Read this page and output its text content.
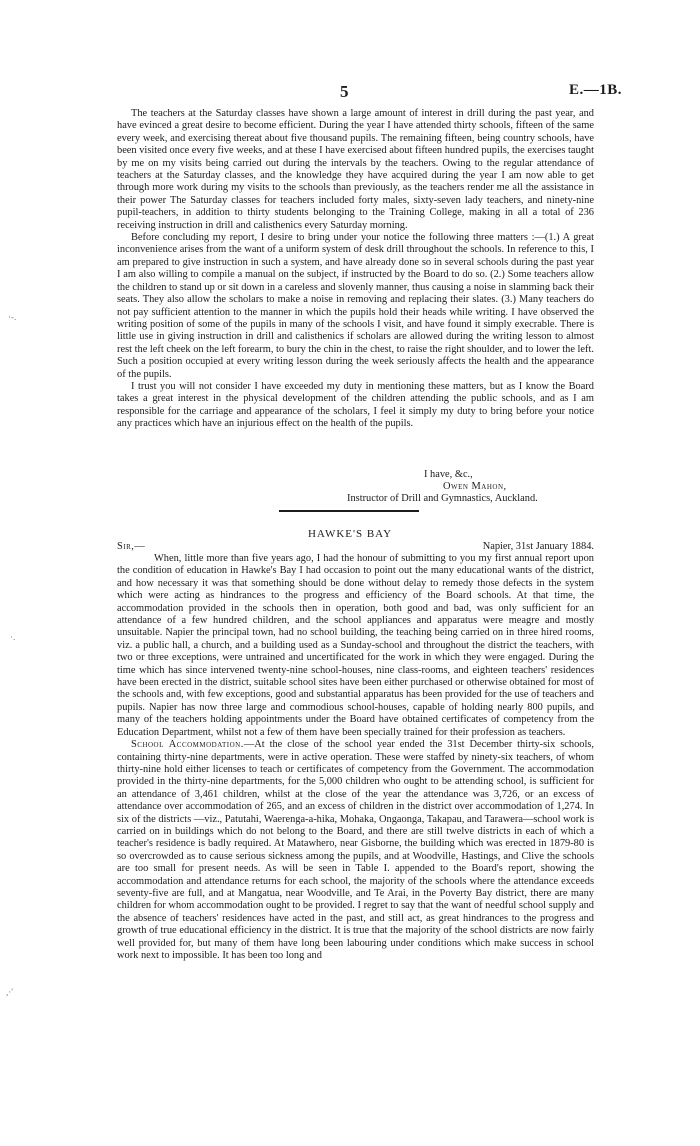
5	E.—1B.

The teachers at the Saturday classes have shown a large amount of interest in drill during the past year, and have evinced a great desire to become efficient. During the year I have attended thirty schools, fifteen of the same every week, and exercising thereat about five thousand pupils. The remaining fifteen, being country schools, have been visited once every five weeks, and at these I have exercised about fifteen hundred pupils, the exercises taught by me on my visits being carried out during the intervals by the teachers. Owing to the regular attendance of teachers at the Saturday classes, and the knowledge they have acquired during the year I am now able to get through more work during my visits to the schools than previously, as the teachers render me all the assistance in their power The Saturday classes for teachers included forty males, sixty-seven lady teachers, and ninety-nine pupil-teachers, in addition to thirty students belonging to the Training College, making in all a total of 236 receiving instruction in drill and calisthenics every Saturday morning.

Before concluding my report, I desire to bring under your notice the following three matters :—(1.) A great inconvenience arises from the want of a uniform system of desk drill throughout the schools. In reference to this, I am prepared to give instruction in such a system, and have already done so in several schools during the past year I am also willing to compile a manual on the subject, if instructed by the Board to do so. (2.) Some teachers allow the children to stand up or sit down in a careless and slovenly manner, thus causing a noise in slamming back their seats. They also allow the scholars to make a noise in removing and replacing their slates. (3.) Many teachers do not pay sufficient attention to the manner in which the pupils hold their heads while writing. I have observed the writing position of some of the pupils in many of the schools I visit, and have found it simply execrable. There is little use in giving instruction in drill and calisthenics if scholars are allowed during the writing lesson to almost rest the left cheek on the left forearm, to bury the chin in the chest, to raise the right shoulder, and to lower the left. Such a position occupied at every writing lesson during the week seriously affects the health and the appearance of the pupils.

I trust you will not consider I have exceeded my duty in mentioning these matters, but as I know the Board takes a great interest in the physical development of the children attending the public schools, and as I am responsible for the carriage and appearance of the scholars, I feel it simply my duty to bring before your notice any practices which have an injurious effect on the health of the pupils.

I have, &c.,
Owen Mahon,
Instructor of Drill and Gymnastics, Auckland.
HAWKE'S BAY
Sir,—	Napier, 31st January 1884.

When, little more than five years ago, I had the honour of submitting to you my first annual report upon the condition of education in Hawke's Bay I had occasion to point out the many educational wants of the district, and how necessary it was that something should be done without delay to remedy those defects in the system which were acting as hindrances to the progress and efficiency of the Board schools. At that time, the accommodation provided in the schools then in operation, both good and bad, was only sufficient for an attendance of a few hundred children, and the school appliances and apparatus were meagre and mostly unsuitable. Napier the principal town, had no school building, the teaching being carried on in three hired rooms, viz. a public hall, a church, and a building used as a Sunday-school and throughout the district the teachers, with two or three exceptions, were untrained and uncertificated for the work in which they were engaged. During the time which has since intervened twenty-nine school-houses, nine class-rooms, and eighteen teachers' residences have been erected in the district, suitable school sites have been either purchased or otherwise obtained for most of the schools and, with few exceptions, good and substantial apparatus has been provided for the use of teachers and pupils. Napier has now three large and commodious school-houses, capable of holding nearly 800 pupils, and many of the teachers holding appointments under the Board have obtained certificates of competency from the Education Department, whilst not a few of them have been specially trained for their profession as teachers.

School Accommodation.—At the close of the school year ended the 31st December thirty-six schools, containing thirty-nine departments, were in active operation. These were staffed by ninety-six teachers, of whom thirty-nine hold either licenses to teach or certificates of competency from the Government. The accommodation provided in the thirty-nine departments, for the 5,000 children who ought to be attending school, is sufficient for an attendance of 3,461 children, whilst at the close of the year the attendance was 3,726, or an excess of attendance over accommodation of 265, and an excess of children in the district over accommodation of 1,274. In six of the districts —viz., Patutahi, Waerenga-a-hika, Mohaka, Ongaonga, Takapau, and Tarawera—school work is carried on in buildings which do not belong to the Board, and there are still twelve districts in each of which a teacher's residence is badly required. At Matawhero, near Gisborne, the building which was erected in 1879-80 is so overcrowded as to cause serious sickness among the pupils, and at Woodville, Hastings, and Clive the schools are too small for present needs. As will be seen in Table I. appended to the Board's report, showing the accommodation and attendance returns for each school, the majority of the schools where the attendance exceeds seventy-five are full, and at Mangatua, near Woodville, and Te Arai, in the Poverty Bay district, there are many children for whom accommodation ought to be provided. I regret to say that the want of needful school supply and the absence of teachers' residences have acted in the past, and still act, as great hindrances to the progress and growth of true educational efficiency in the district. It is true that the majority of the school districts are now fairly well provided for, but many of them have long been labouring under conditions which make success in school work next to impossible. It has been too long and

·-.
·.
,·'
